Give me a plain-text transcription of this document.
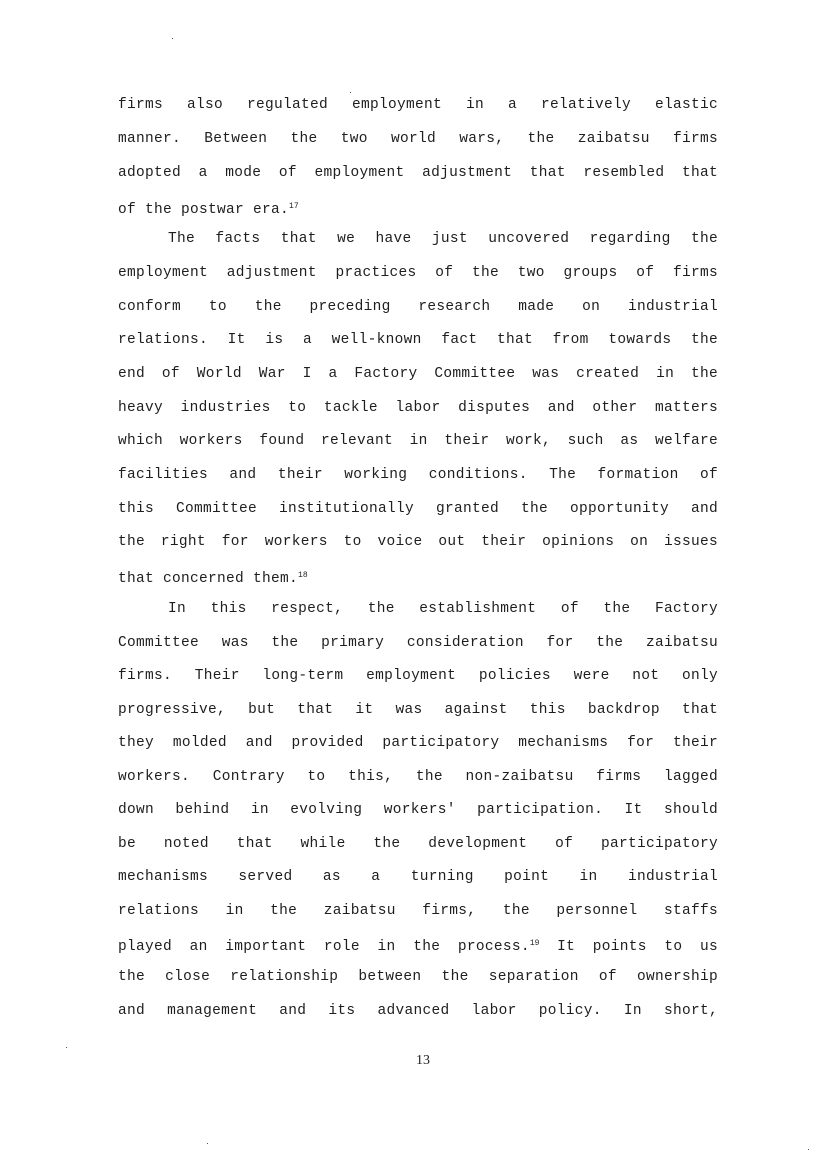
firms also regulated employment in a relatively elastic
manner. Between the two world wars, the zaibatsu firms
adopted a mode of employment adjustment that resembled that
of the postwar era.$^{17}$
The facts that we have just uncovered regarding the
employment adjustment practices of the two groups of firms
conform to the preceding research made on industrial
relations. It is a well-known fact that from towards the
end of World War I a Factory Committee was created in the
heavy industries to tackle labor disputes and other matters
which workers found relevant in their work, such as welfare
facilities and their working conditions. The formation of
this Committee institutionally granted the opportunity and
the right for workers to voice out their opinions on issues
that concerned them.$^{18}$
In this respect, the establishment of the Factory
Committee was the primary consideration for the zaibatsu
firms. Their long-term employment policies were not only
progressive, but that it was against this backdrop that
they molded and provided participatory mechanisms for their
workers. Contrary to this, the non-zaibatsu firms lagged
down behind in evolving workers' participation. It should
be noted that while the development of participatory
mechanisms served as a turning point in industrial
relations in the zaibatsu firms, the personnel staffs
played an important role in the process.$^{19}$ It points to us
the close relationship between the separation of ownership
and management and its advanced labor policy. In short,
13
